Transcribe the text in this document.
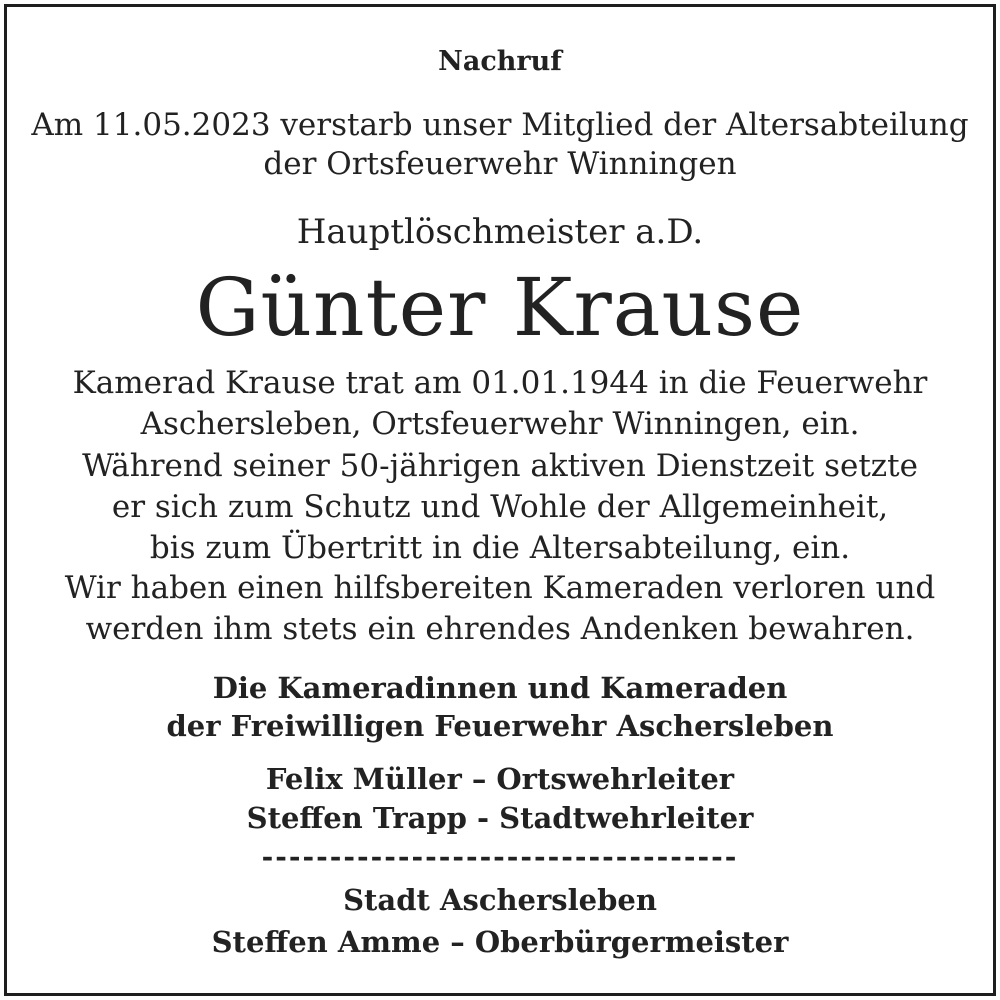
Nachruf
Am 11.05.2023 verstarb unser Mitglied der Altersabteilung
der Ortsfeuerwehr Winningen
Hauptlöschmeister a.D.
Günter Krause
Kamerad Krause trat am 01.01.1944 in die Feuerwehr
Aschersleben, Ortsfeuerwehr Winningen, ein.
Während seiner 50-jährigen aktiven Dienstzeit setzte
er sich zum Schutz und Wohle der Allgemeinheit,
bis zum Übertritt in die Altersabteilung, ein.
Wir haben einen hilfsbereiten Kameraden verloren und
werden ihm stets ein ehrendes Andenken bewahren.
Die Kameradinnen und Kameraden
der Freiwilligen Feuerwehr Aschersleben
Felix Müller – Ortswehrleiter
Steffen Trapp - Stadtwehrleiter
-----------------------------------
Stadt Aschersleben
Steffen Amme – Oberbürgermeister
